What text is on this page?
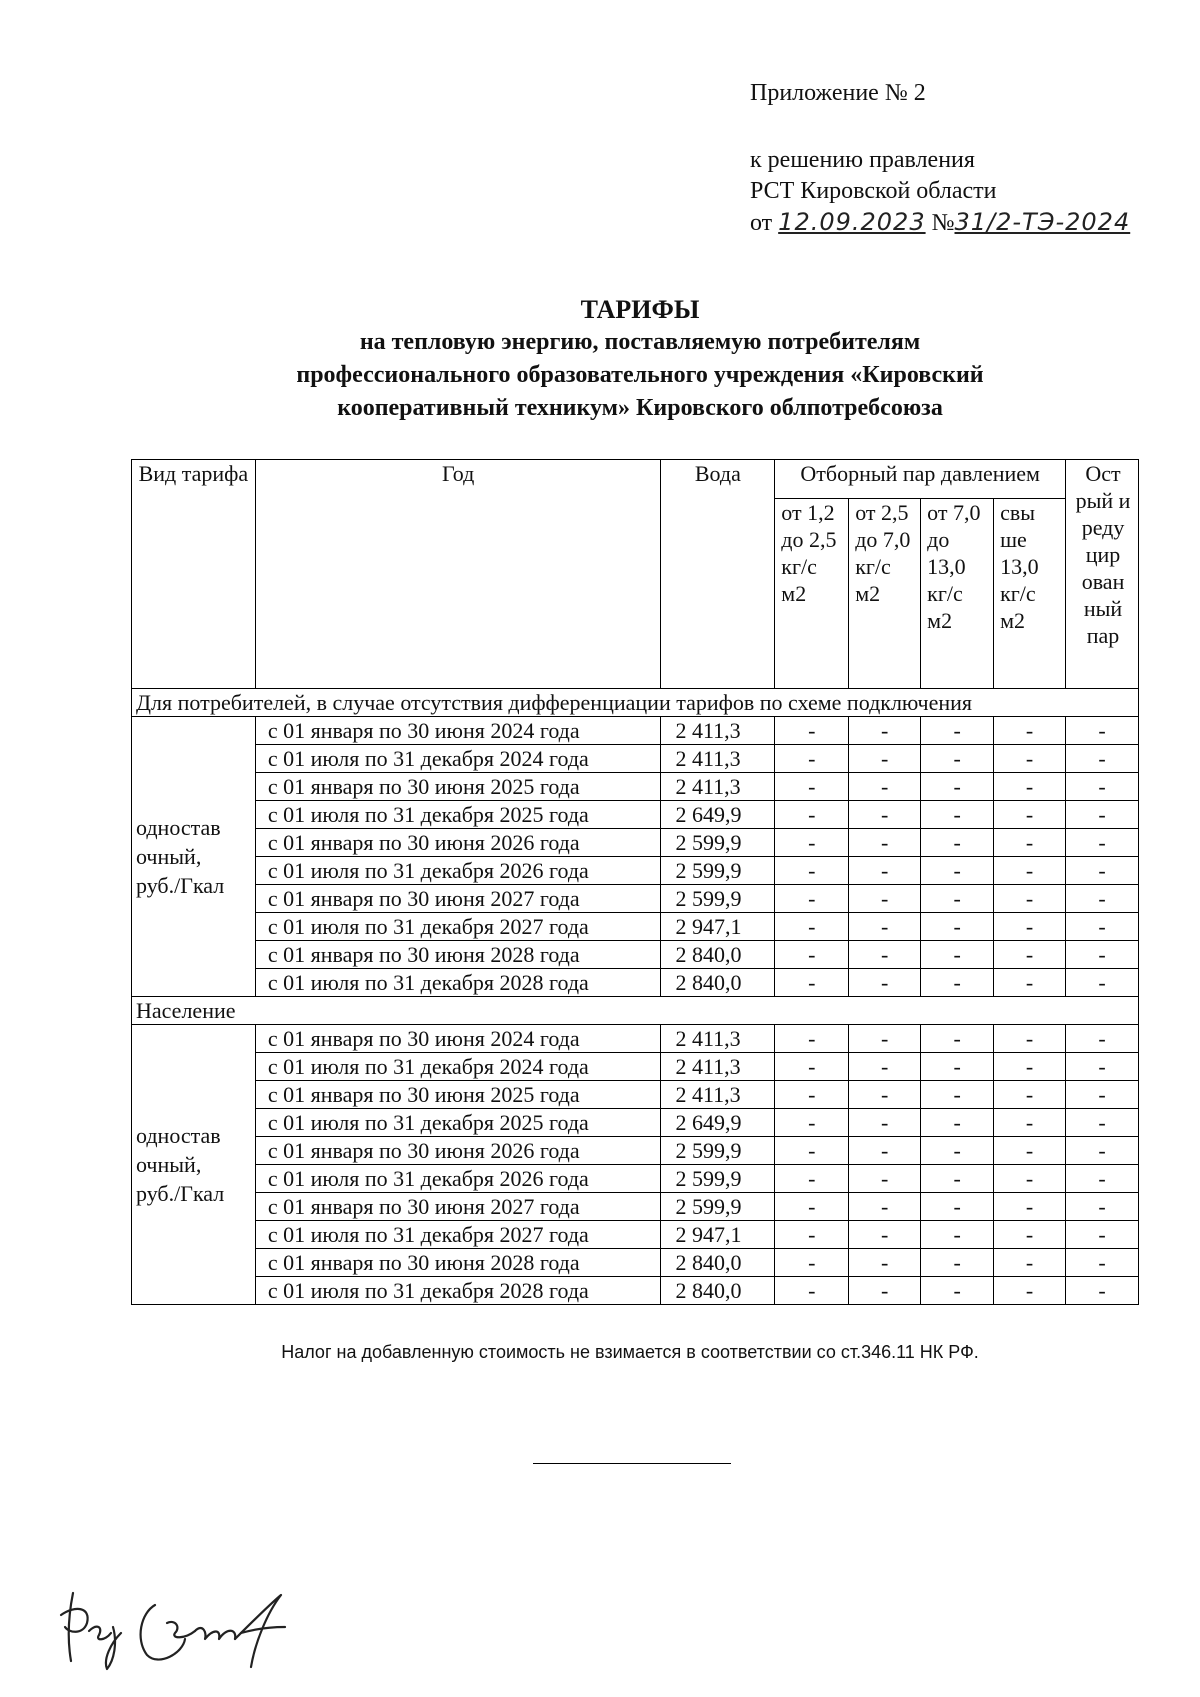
Приложение № 2
к решению правления
РСТ Кировской области
от 12.09.2023 №31/2-ТЭ-2024
ТАРИФЫ
на тепловую энергию, поставляемую потребителям
профессионального образовательного учреждения «Кировский
кооперативный техникум» Кировского облпотребсоюза
Вид тарифа	Год	Вода	Отборный пар давлением				Ост рый и реду цир ован ный пар
			от 1,2 до 2,5 кг/с м2	от 2,5 до 7,0 кг/с м2	от 7,0 до 13,0 кг/с м2	свы ше 13,0 кг/с м2	
Для потребителей, в случае отсутствия дифференциации тарифов по схеме подключения							
одностав очный, руб./Гкал	с 01 января по 30 июня 2024 года	2 411,3	-	-	-	-	-
	с 01 июля по 31 декабря 2024 года	2 411,3	-	-	-	-	-
	с 01 января по 30 июня 2025 года	2 411,3	-	-	-	-	-
	с 01 июля по 31 декабря 2025 года	2 649,9	-	-	-	-	-
	с 01 января по 30 июня 2026 года	2 599,9	-	-	-	-	-
	с 01 июля по 31 декабря 2026 года	2 599,9	-	-	-	-	-
	с 01 января по 30 июня 2027 года	2 599,9	-	-	-	-	-
	с 01 июля по 31 декабря 2027 года	2 947,1	-	-	-	-	-
	с 01 января по 30 июня 2028 года	2 840,0	-	-	-	-	-
	с 01 июля по 31 декабря 2028 года	2 840,0	-	-	-	-	-
Население							
одностав очный, руб./Гкал	с 01 января по 30 июня 2024 года	2 411,3	-	-	-	-	-
	с 01 июля по 31 декабря 2024 года	2 411,3	-	-	-	-	-
	с 01 января по 30 июня 2025 года	2 411,3	-	-	-	-	-
	с 01 июля по 31 декабря 2025 года	2 649,9	-	-	-	-	-
	с 01 января по 30 июня 2026 года	2 599,9	-	-	-	-	-
	с 01 июля по 31 декабря 2026 года	2 599,9	-	-	-	-	-
	с 01 января по 30 июня 2027 года	2 599,9	-	-	-	-	-
	с 01 июля по 31 декабря 2027 года	2 947,1	-	-	-	-	-
	с 01 января по 30 июня 2028 года	2 840,0	-	-	-	-	-
	с 01 июля по 31 декабря 2028 года	2 840,0	-	-	-	-	-
Налог на добавленную стоимость не взимается в соответствии со ст.346.11 НК РФ.
